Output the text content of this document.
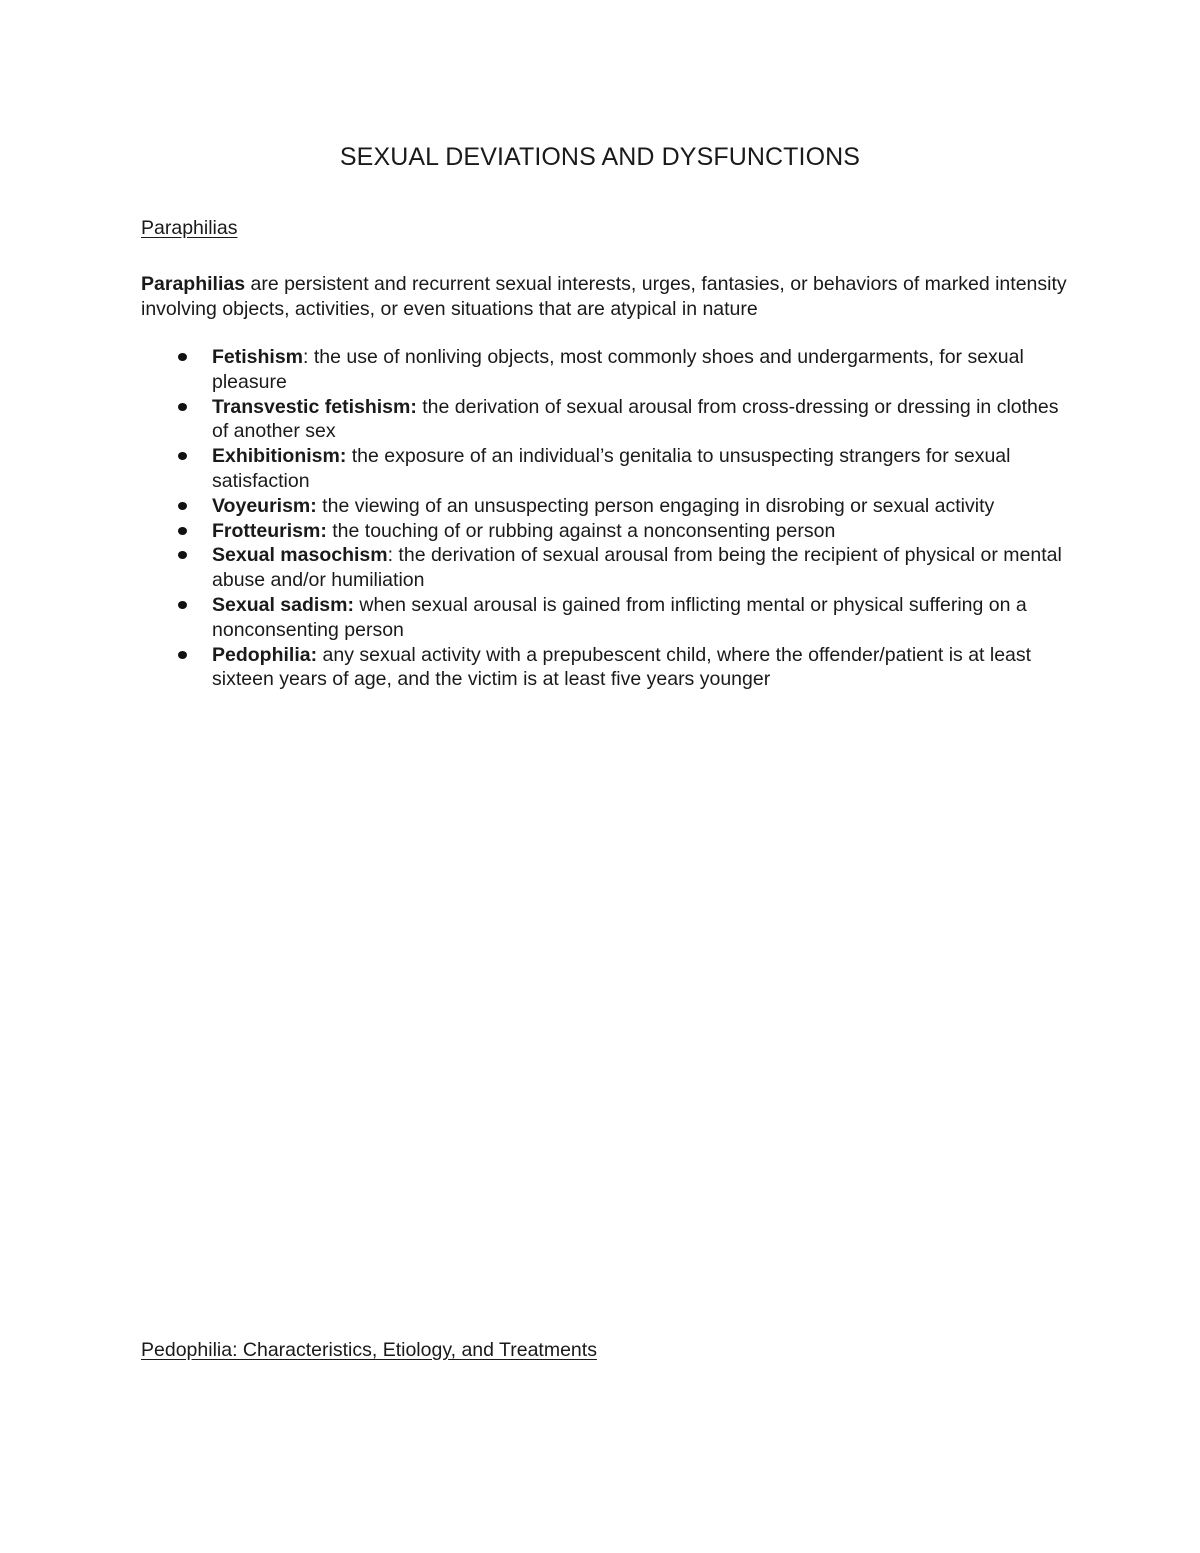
SEXUAL DEVIATIONS AND DYSFUNCTIONS
Paraphilias

Paraphilias are persistent and recurrent sexual interests, urges, fantasies, or behaviors of marked intensity involving objects, activities, or even situations that are atypical in nature

Fetishism: the use of nonliving objects, most commonly shoes and undergarments, for sexual pleasure
Transvestic fetishism: the derivation of sexual arousal from cross-dressing or dressing in clothes of another sex
Exhibitionism: the exposure of an individual’s genitalia to unsuspecting strangers for sexual satisfaction
Voyeurism: the viewing of an unsuspecting person engaging in disrobing or sexual activity
Frotteurism: the touching of or rubbing against a nonconsenting person
Sexual masochism: the derivation of sexual arousal from being the recipient of physical or mental abuse and/or humiliation
Sexual sadism: when sexual arousal is gained from inflicting mental or physical suffering on a nonconsenting person
Pedophilia: any sexual activity with a prepubescent child, where the offender/patient is at least sixteen years of age, and the victim is at least five years younger
Pedophilia: Characteristics, Etiology, and Treatments
